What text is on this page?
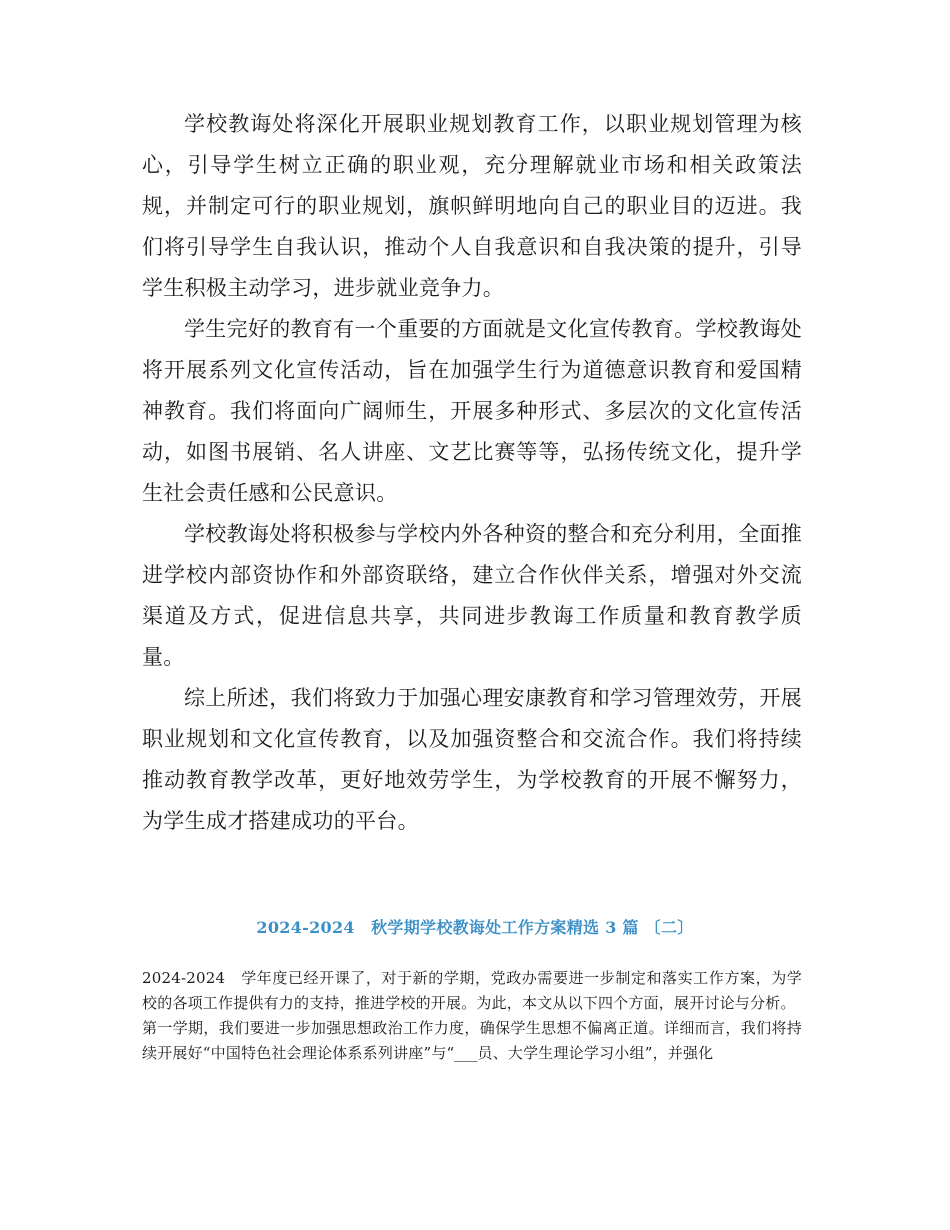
学校教诲处将深化开展职业规划教育工作，以职业规划管理为核心，引导学生树立正确的职业观，充分理解就业市场和相关政策法规，并制定可行的职业规划，旗帜鲜明地向自己的职业目的迈进。我们将引导学生自我认识，推动个人自我意识和自我决策的提升，引导学生积极主动学习，进步就业竞争力。

学生完好的教育有一个重要的方面就是文化宣传教育。学校教诲处将开展系列文化宣传活动，旨在加强学生行为道德意识教育和爱国精神教育。我们将面向广阔师生，开展多种形式、多层次的文化宣传活动，如图书展销、名人讲座、文艺比赛等等，弘扬传统文化，提升学生社会责任感和公民意识。

学校教诲处将积极参与学校内外各种资的整合和充分利用，全面推进学校内部资协作和外部资联络，建立合作伙伴关系，增强对外交流渠道及方式，促进信息共享，共同进步教诲工作质量和教育教学质量。

综上所述，我们将致力于加强心理安康教育和学习管理效劳，开展职业规划和文化宣传教育，以及加强资整合和交流合作。我们将持续推动教育教学改革，更好地效劳学生，为学校教育的开展不懈努力，为学生成才搭建成功的平台。

2024-2024　秋学期学校教诲处工作方案精选 3 篇 〔二〕

2024-2024　学年度已经开课了，对于新的学期，党政办需要进一步制定和落实工作方案，为学校的各项工作提供有力的支持，推进学校的开展。为此，本文从以下四个方面，展开讨论与分析。

第一学期，我们要进一步加强思想政治工作力度，确保学生思想不偏离正道。详细而言，我们将持续开展好“中国特色社会理论体系系列讲座”与“___员、大学生理论学习小组”，并强化
